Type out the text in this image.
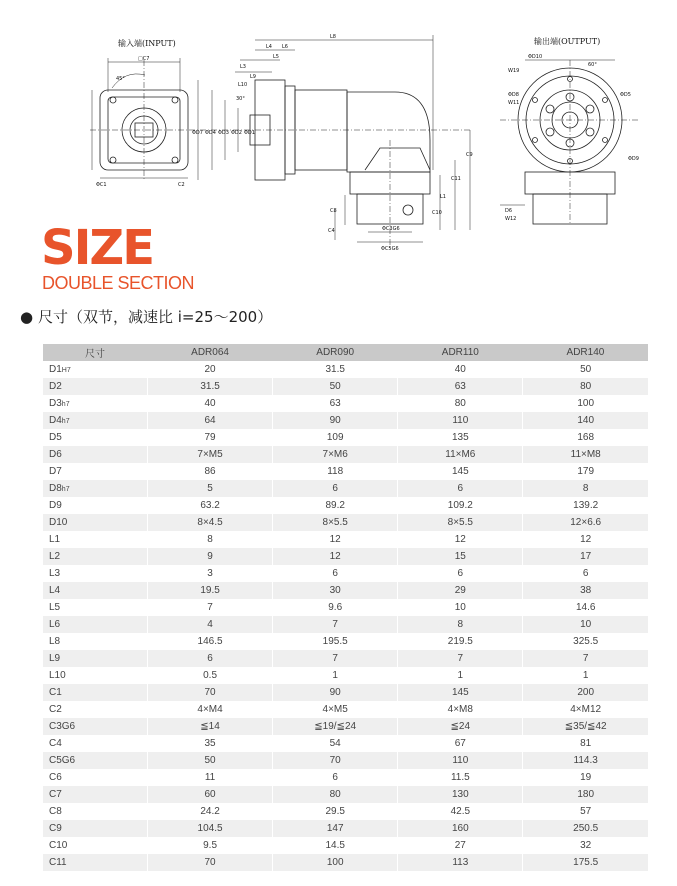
输入端(INPUT)	输出端(OUTPUT)
□C7
45°
ΦC1	C2
L8
L4 L6
L3
L5
L10
L9
30°
ΦD1
ΦD2
ΦD3
ΦD4
ΦD7
C9
C11
C8	C10
C4
L1
ΦC3G6
ΦC5G6
ΦD10
W19
60°
ΦD5
ΦD9
ΦD8
W11
D6
W12
SIZE
DOUBLE SECTION
● 尺寸（双节，减速比 i=25～200）
尺寸	ADR064	ADR090	ADR110	ADR140
D1H7	20	31.5	40	50
D2	31.5	50	63	80
D3h7	40	63	80	100
D4h7	64	90	110	140
D5	79	109	135	168
D6	7×M5	7×M6	11×M6	11×M8
D7	86	118	145	179
D8h7	5	6	6	8
D9	63.2	89.2	109.2	139.2
D10	8×4.5	8×5.5	8×5.5	12×6.6
L1	8	12	12	12
L2	9	12	15	17
L3	3	6	6	6
L4	19.5	30	29	38
L5	7	9.6	10	14.6
L6	4	7	8	10
L8	146.5	195.5	219.5	325.5
L9	6	7	7	7
L10	0.5	1	1	1
C1	70	90	145	200
C2	4×M4	4×M5	4×M8	4×M12
C3G6	≦14	≦19/≦24	≦24	≦35/≦42
C4	35	54	67	81
C5G6	50	70	110	114.3
C6	11	6	11.5	19
C7	60	80	130	180
C8	24.2	29.5	42.5	57
C9	104.5	147	160	250.5
C10	9.5	14.5	27	32
C11	70	100	113	175.5
